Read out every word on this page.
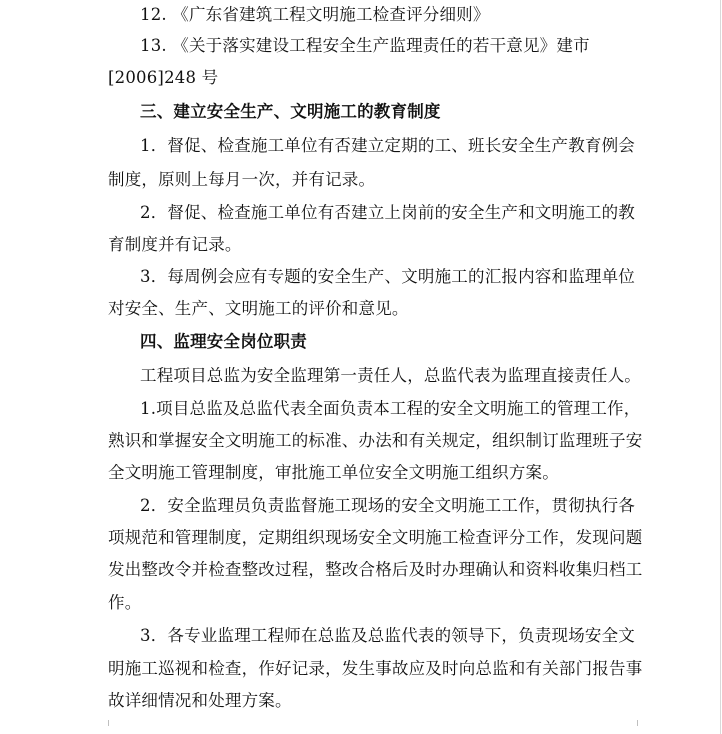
12. 《广东省建筑工程文明施工检查评分细则》
13. 《关于落实建设工程安全生产监理责任的若干意见》建市
[2006]248 号
三、建立安全生产、文明施工的教育制度
1．督促、检查施工单位有否建立定期的工、班长安全生产教育例会
制度，原则上每月一次，并有记录。
2．督促、检查施工单位有否建立上岗前的安全生产和文明施工的教
育制度并有记录。
3．每周例会应有专题的安全生产、文明施工的汇报内容和监理单位
对安全、生产、文明施工的评价和意见。
四、监理安全岗位职责
工程项目总监为安全监理第一责任人，总监代表为监理直接责任人。
1.项目总监及总监代表全面负责本工程的安全文明施工的管理工作，
熟识和掌握安全文明施工的标准、办法和有关规定，组织制订监理班子安
全文明施工管理制度，审批施工单位安全文明施工组织方案。
2．安全监理员负责监督施工现场的安全文明施工工作，贯彻执行各
项规范和管理制度，定期组织现场安全文明施工检查评分工作，发现问题
发出整改令并检查整改过程，整改合格后及时办理确认和资料收集归档工
作。
3．各专业监理工程师在总监及总监代表的领导下，负责现场安全文
明施工巡视和检查，作好记录，发生事故应及时向总监和有关部门报告事
故详细情况和处理方案。
